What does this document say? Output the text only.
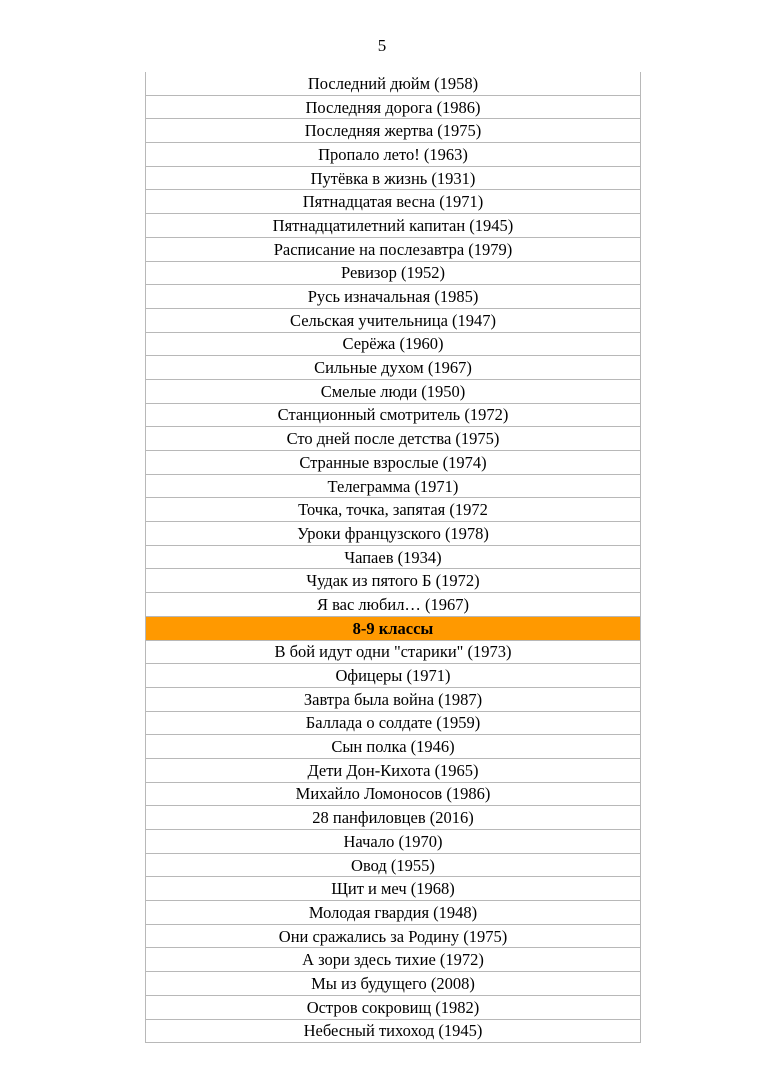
5
Последний дюйм (1958)
Последняя дорога (1986)
Последняя жертва (1975)
Пропало лето! (1963)
Путёвка в жизнь (1931)
Пятнадцатая весна (1971)
Пятнадцатилетний капитан (1945)
Расписание на послезавтра (1979)
Ревизор (1952)
Русь изначальная (1985)
Сельская учительница (1947)
Серёжа (1960)
Сильные духом (1967)
Смелые люди (1950)
Станционный смотритель (1972)
Сто дней после детства (1975)
Странные взрослые (1974)
Телеграмма (1971)
Точка, точка, запятая (1972
Уроки французского (1978)
Чапаев (1934)
Чудак из пятого Б (1972)
Я вас любил… (1967)
8-9 классы
В бой идут одни "старики" (1973)
Офицеры (1971)
Завтра была война (1987)
Баллада о солдате (1959)
Сын полка (1946)
Дети Дон-Кихота (1965)
Михайло Ломоносов (1986)
28 панфиловцев (2016)
Начало (1970)
Овод (1955)
Щит и меч (1968)
Молодая гвардия (1948)
Они сражались за Родину (1975)
А зори здесь тихие (1972)
Мы из будущего (2008)
Остров сокровищ (1982)
Небесный тихоход (1945)
